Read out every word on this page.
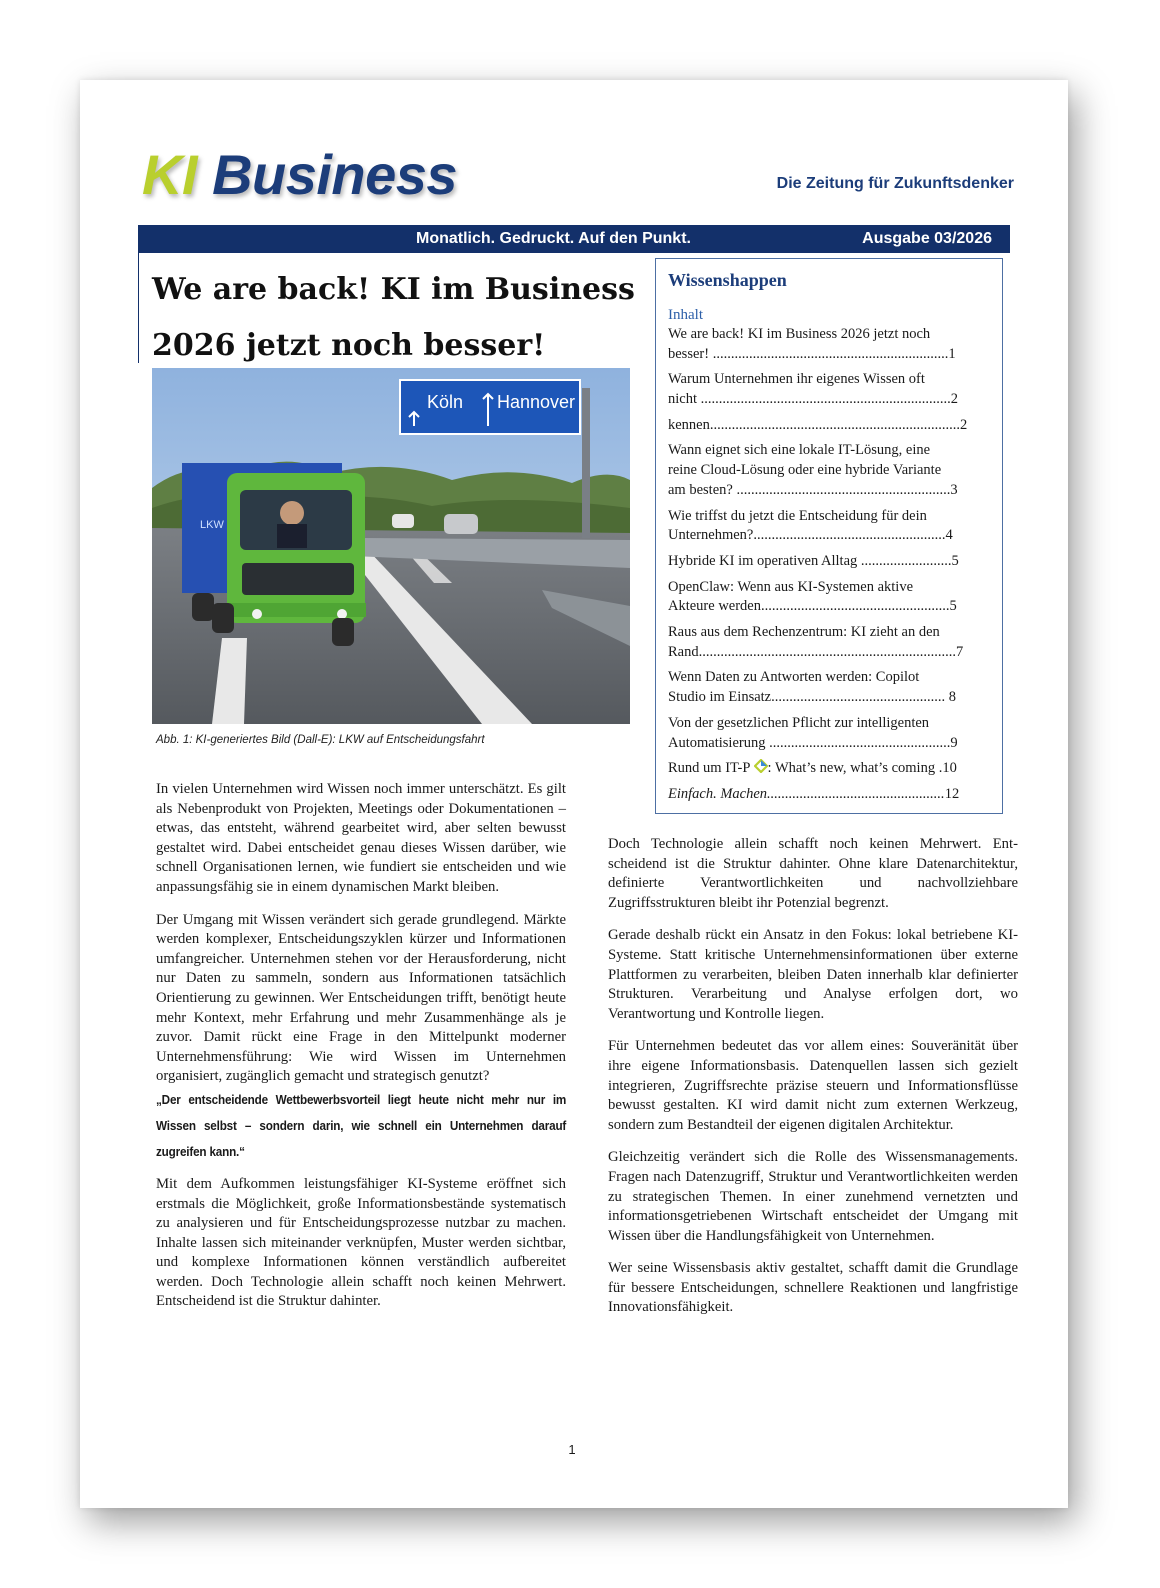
KI Business	Die Zeitung für Zukunftsdenker
Monatlich. Gedruckt. Auf den Punkt.	Ausgabe 03/2026
We are back! KI im Business
2026 jetzt noch besser!
Köln Hannover
LKW
Abb. 1: KI-generiertes Bild (Dall-E): LKW auf Entscheidungsfahrt

In vielen Unternehmen wird Wissen noch immer unterschätzt. Es gilt als Nebenprodukt von Projekten, Meetings oder Dokumentationen – etwas, das entsteht, während gearbeitet wird, aber selten bewusst gestaltet wird. Dabei entscheidet genau dieses Wissen darüber, wie schnell Organisationen lernen, wie fundiert sie entscheiden und wie anpassungsfähig sie in einem dynamischen Markt bleiben.

Der Umgang mit Wissen verändert sich gerade grundlegend. Märkte werden komplexer, Entscheidungszyklen kürzer und Informationen umfangreicher. Unternehmen stehen vor der Herausforderung, nicht nur Daten zu sammeln, sondern aus Informationen tatsächlich Orientierung zu gewinnen. Wer Entscheidungen trifft, benötigt heute mehr Kontext, mehr Erfahrung und mehr Zusammenhänge als je zuvor. Damit rückt eine Frage in den Mittelpunkt moderner Unternehmensführung: Wie wird Wissen im Unternehmen organisiert, zugänglich gemacht und strategisch genutzt?

„Der entscheidende Wettbewerbsvorteil liegt heute nicht mehr nur im Wissen selbst – sondern darin, wie schnell ein Unternehmen darauf zugreifen kann.“

Mit dem Aufkommen leistungsfähiger KI-Systeme eröffnet sich erstmals die Möglichkeit, große Informationsbestände systematisch zu analysieren und für Entscheidungsprozesse nutzbar zu machen. Inhalte lassen sich miteinander verknüpfen, Muster werden sichtbar, und komplexe Informationen können verständlich aufbereitet werden. Doch Technologie allein schafft noch keinen Mehrwert. Entscheidend ist die Struktur dahinter.

Doch Technologie allein schafft noch keinen Mehrwert. Entscheidend ist die Struktur dahinter. Ohne klare Datenarchitektur, definierte Verantwortlichkeiten und nachvollziehbare Zugriffsstrukturen bleibt ihr Potenzial begrenzt.

Gerade deshalb rückt ein Ansatz in den Fokus: lokal betriebene KI-Systeme. Statt kritische Unternehmensinformationen über externe Plattformen zu verarbeiten, bleiben Daten innerhalb klar definierter Strukturen. Verarbeitung und Analyse erfolgen dort, wo Verantwortung und Kontrolle liegen.

Für Unternehmen bedeutet das vor allem eines: Souveränität über ihre eigene Informationsbasis. Datenquellen lassen sich gezielt integrieren, Zugriffsrechte präzise steuern und Informationsflüsse bewusst gestalten. KI wird damit nicht zum externen Werkzeug, sondern zum Bestandteil der eigenen digitalen Architektur.

Gleichzeitig verändert sich die Rolle des Wissensmanagements. Fragen nach Datenzugriff, Struktur und Verantwortlichkeiten werden zu strategischen Themen. In einer zunehmend vernetzten und informationsgetriebenen Wirtschaft entscheidet der Umgang mit Wissen über die Handlungsfähigkeit von Unternehmen.

Wer seine Wissensbasis aktiv gestaltet, schafft damit die Grundlage für bessere Entscheidungen, schnellere Reaktionen und langfristige Innovationsfähigkeit.

Wissenshappen
Inhalt
We are back! KI im Business 2026 jetzt noch
besser! .................................................................1
Warum Unternehmen ihr eigenes Wissen oft
nicht .....................................................................2
kennen.....................................................................2
Wann eignet sich eine lokale IT-Lösung, eine
reine Cloud-Lösung oder eine hybride Variante
am besten? ...........................................................3
Wie triffst du jetzt die Entscheidung für dein
Unternehmen?.....................................................4
Hybride KI im operativen Alltag .........................5
OpenClaw: Wenn aus KI-Systemen aktive
Akteure werden....................................................5
Raus aus dem Rechenzentrum: KI zieht an den
Rand.......................................................................7
Wenn Daten zu Antworten werden: Copilot
Studio im Einsatz................................................ 8
Von der gesetzlichen Pflicht zur intelligenten
Automatisierung ..................................................9
Rund um IT-P : What’s new, what’s coming .10
Einfach. Machen.................................................12
1
